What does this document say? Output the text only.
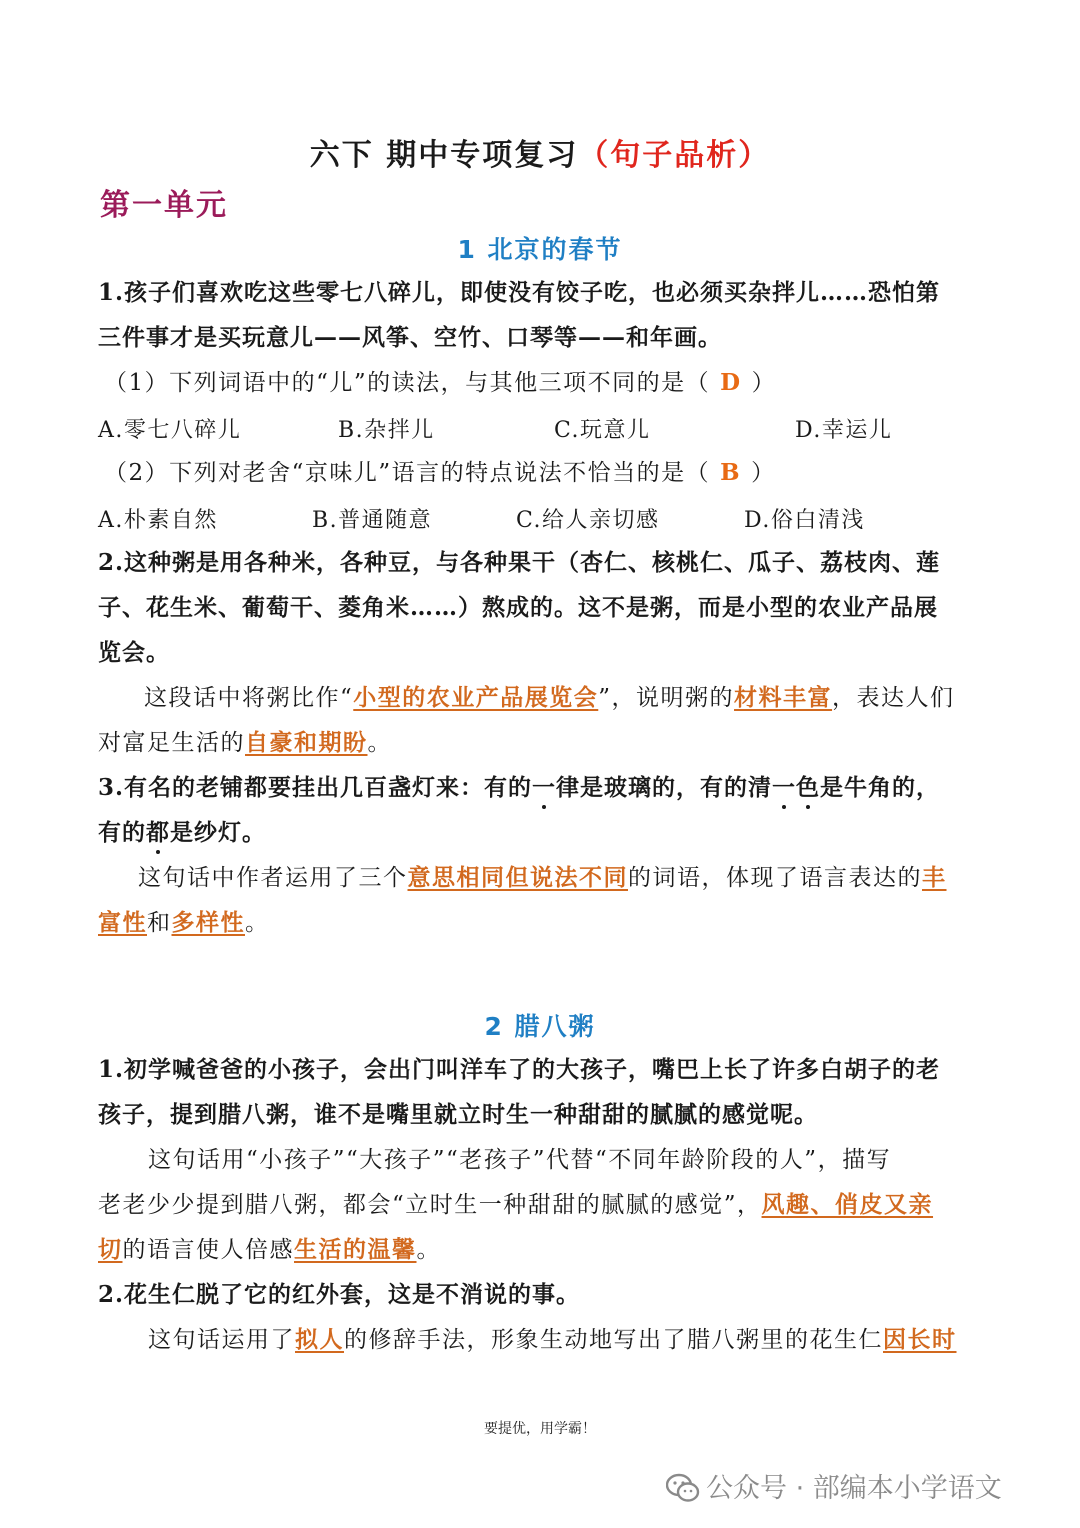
六下 期中专项复习（句子品析）
第一单元
1 北京的春节
1.孩子们喜欢吃这些零七八碎儿，即使没有饺子吃，也必须买杂拌儿……恐怕第
三件事才是买玩意儿——风筝、空竹、口琴等——和年画。
（1）下列词语中的“儿”的读法，与其他三项不同的是（ D ）
A.零七八碎儿	B.杂拌儿	C.玩意儿	D.幸运儿
（2）下列对老舍“京味儿”语言的特点说法不恰当的是（ B ）
A.朴素自然	B.普通随意	C.给人亲切感	D.俗白清浅
2.这种粥是用各种米，各种豆，与各种果干（杏仁、核桃仁、瓜子、荔枝肉、莲
子、花生米、葡萄干、菱角米……）熬成的。这不是粥，而是小型的农业产品展
览会。
这段话中将粥比作“小型的农业产品展览会”，说明粥的材料丰富，表达人们
对富足生活的自豪和期盼。
3.有名的老铺都要挂出几百盏灯来：有的一律是玻璃的，有的清一色是牛角的，
有的都是纱灯。
这句话中作者运用了三个意思相同但说法不同的词语，体现了语言表达的丰
富性和多样性。
2 腊八粥
1.初学喊爸爸的小孩子，会出门叫洋车了的大孩子，嘴巴上长了许多白胡子的老
孩子，提到腊八粥，谁不是嘴里就立时生一种甜甜的腻腻的感觉呢。
这句话用“小孩子”“大孩子”“老孩子”代替“不同年龄阶段的人”，描写
老老少少提到腊八粥，都会“立时生一种甜甜的腻腻的感觉”，风趣、俏皮又亲
切的语言使人倍感生活的温馨。
2.花生仁脱了它的红外套，这是不消说的事。
这句话运用了拟人的修辞手法，形象生动地写出了腊八粥里的花生仁因长时
要提优，用学霸！
公众号 · 部编本小学语文
